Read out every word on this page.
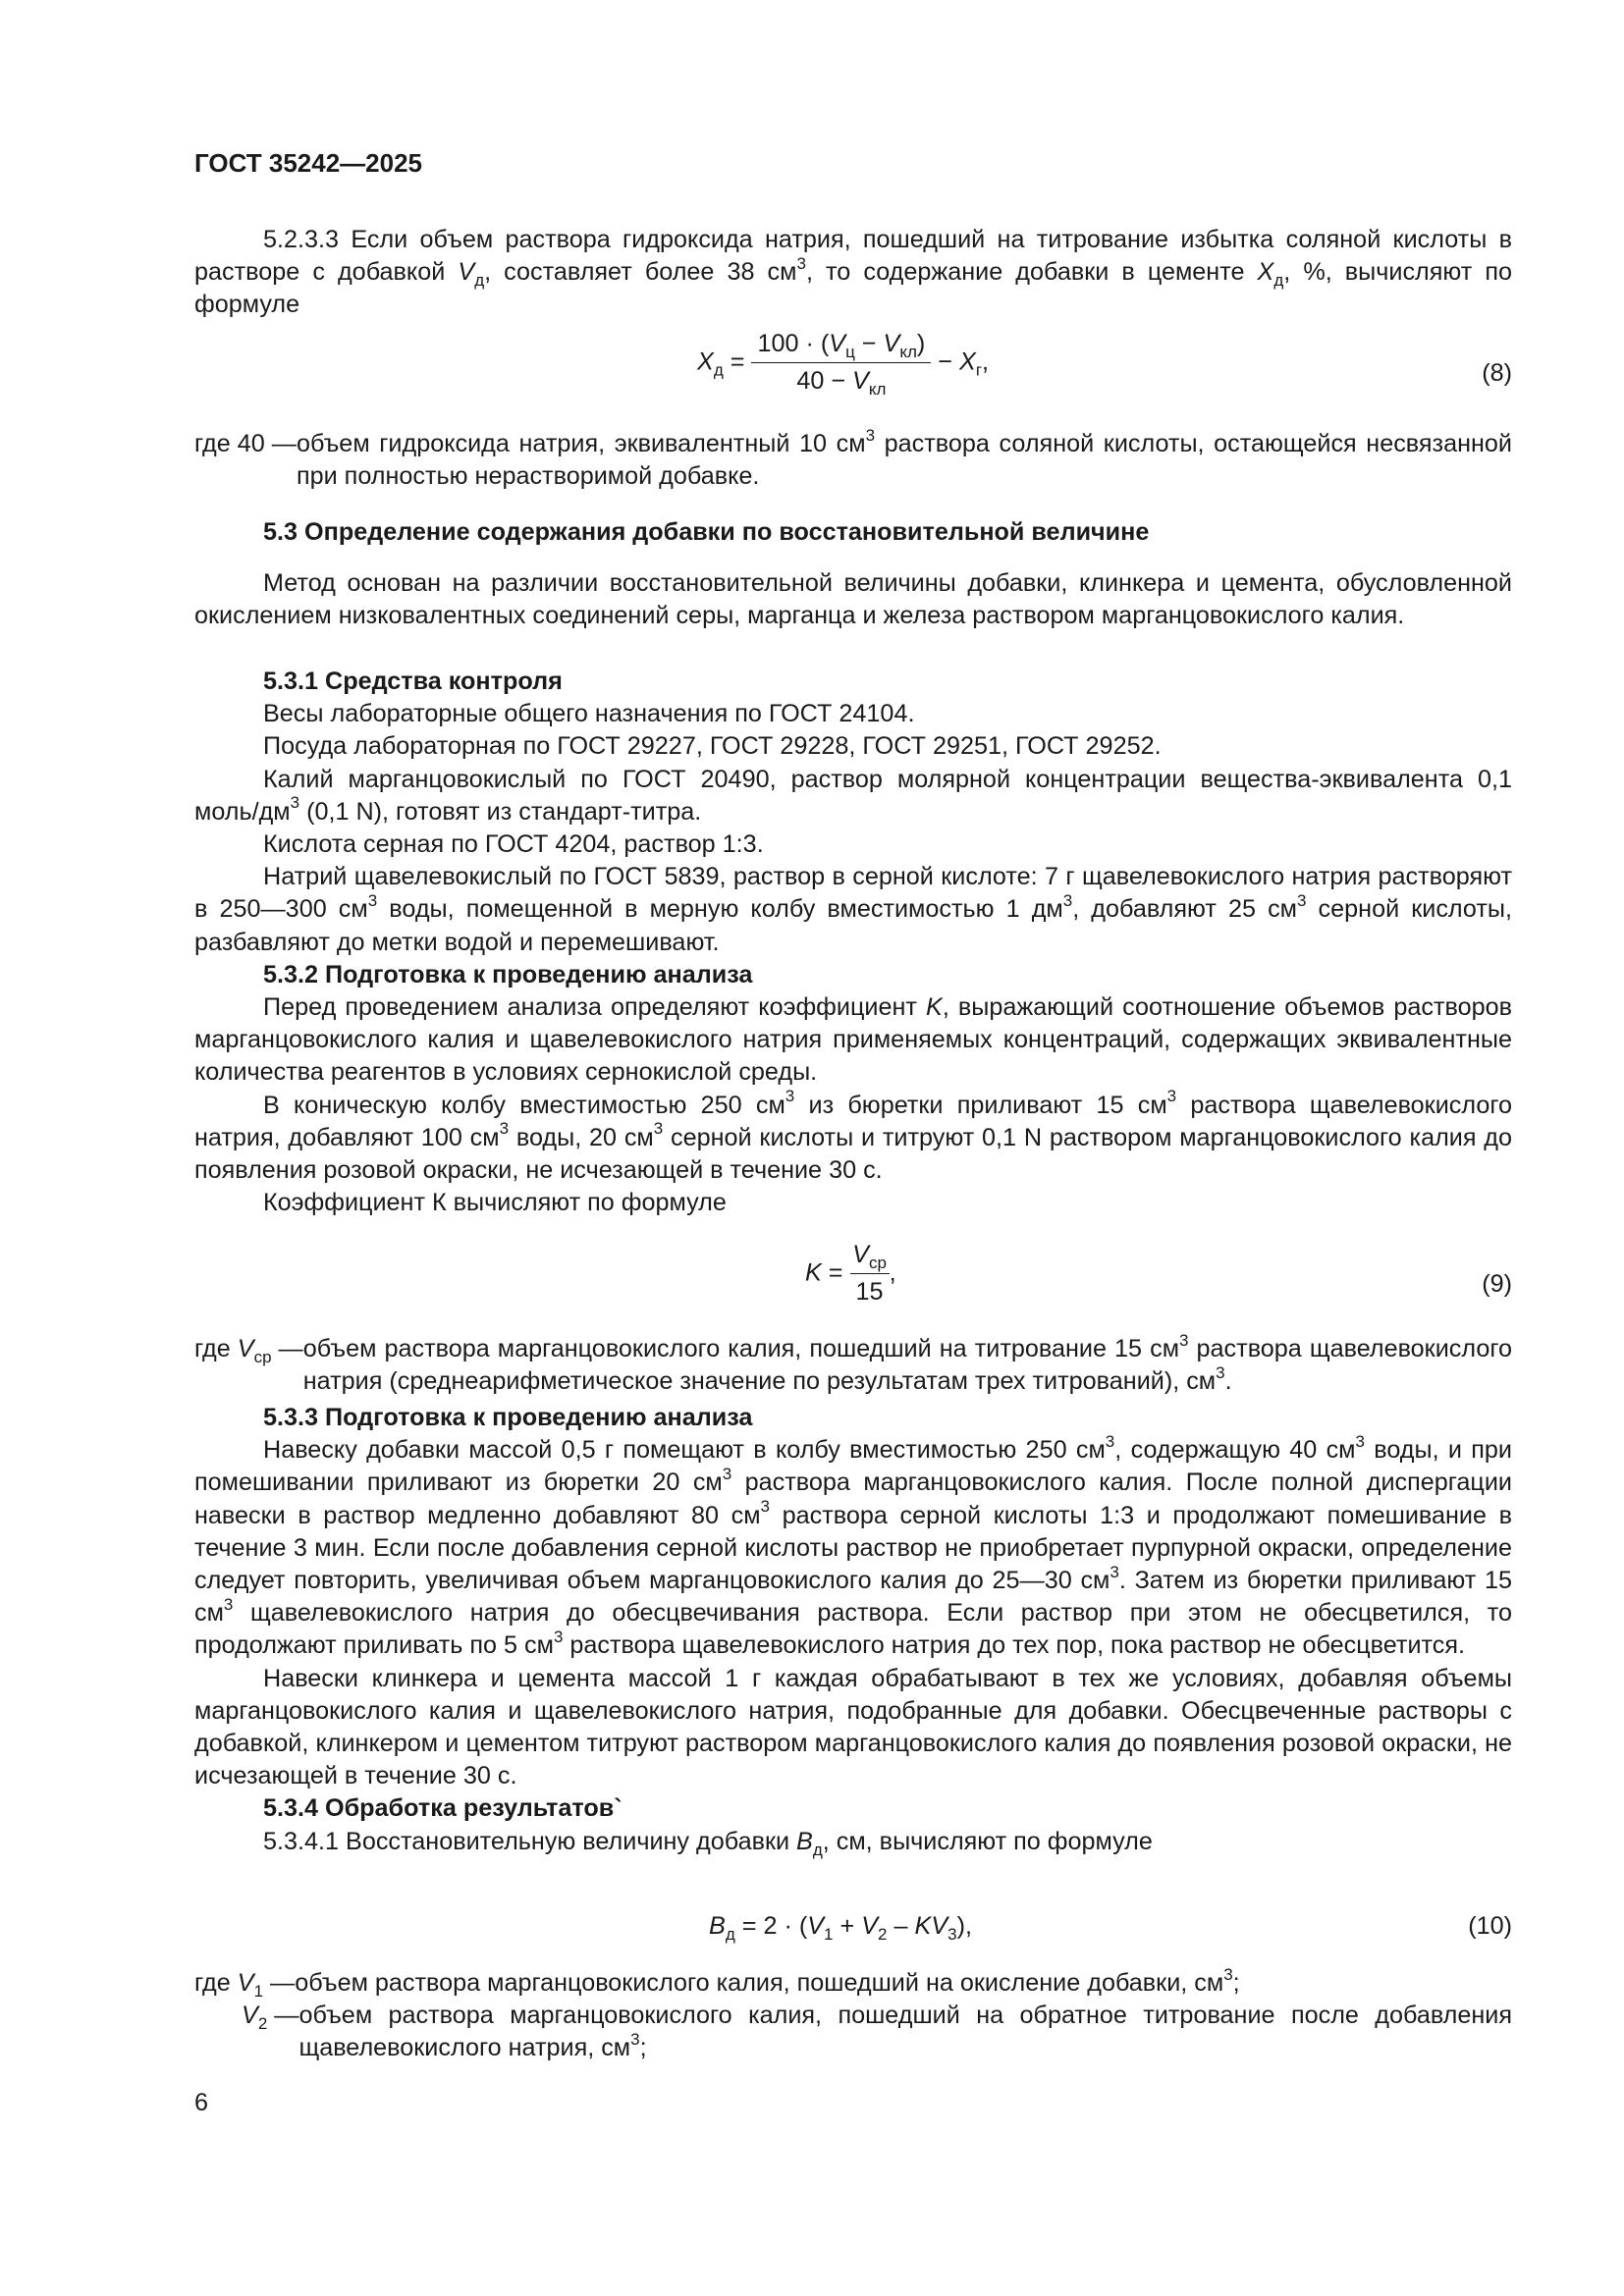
ГОСТ 35242—2025

5.2.3.3 Если объем раствора гидроксида натрия, пошедший на титрование избытка соляной кислоты в растворе с добавкой $V_д$, составляет более 38 $см^3$, то содержание добавки в цементе $X_д$, %, вычисляют по формуле

$X_д = \frac{100 \cdot (V_ц - V_{кл})}{40 - V_{кл}} - X_г$,	(8)
где 40 — объем гидроксида натрия, эквивалентный 10 $см^3$ раствора соляной кислоты, остающейся несвязанной при полностью нерастворимой добавке.

5.3 Определение содержания добавки по восстановительной величине

Метод основан на различии восстановительной величины добавки, клинкера и цемента, обусловленной окислением низковалентных соединений серы, марганца и железа раствором марганцовокислого калия.

5.3.1 Средства контроля

Весы лабораторные общего назначения по ГОСТ 24104.

Посуда лабораторная по ГОСТ 29227, ГОСТ 29228, ГОСТ 29251, ГОСТ 29252.

Калий марганцовокислый по ГОСТ 20490, раствор молярной концентрации вещества-эквивалента 0,1 моль/$дм^3$ (0,1 N), готовят из стандарт-титра.

Кислота серная по ГОСТ 4204, раствор 1:3.

Натрий щавелевокислый по ГОСТ 5839, раствор в серной кислоте: 7 г щавелевокислого натрия растворяют в 250—300 $см^3$ воды, помещенной в мерную колбу вместимостью 1 $дм^3$, добавляют 25 $см^3$ серной кислоты, разбавляют до метки водой и перемешивают.

5.3.2 Подготовка к проведению анализа

Перед проведением анализа определяют коэффициент K, выражающий соотношение объемов растворов марганцовокислого калия и щавелевокислого натрия применяемых концентраций, содержащих эквивалентные количества реагентов в условиях сернокислой среды.

В коническую колбу вместимостью 250 $см^3$ из бюретки приливают 15 $см^3$ раствора щавелевокислого натрия, добавляют 100 $см^3$ воды, 20 $см^3$ серной кислоты и титруют 0,1 N раствором марганцовокислого калия до появления розовой окраски, не исчезающей в течение 30 с.

Коэффициент К вычисляют по формуле

$K = \frac{V_{ср}}{15}$ ,	(9)
где $V_{ср}$ — объем раствора марганцовокислого калия, пошедший на титрование 15 $см^3$ раствора щавелевокислого натрия (среднеарифметическое значение по результатам трех титрований), $см^3$.

5.3.3 Подготовка к проведению анализа

Навеску добавки массой 0,5 г помещают в колбу вместимостью 250 $см^3$, содержащую 40 $см^3$ воды, и при помешивании приливают из бюретки 20 $см^3$ раствора марганцовокислого калия. После полной диспергации навески в раствор медленно добавляют 80 $см^3$ раствора серной кислоты 1:3 и продолжают помешивание в течение 3 мин. Если после добавления серной кислоты раствор не приобретает пурпурной окраски, определение следует повторить, увеличивая объем марганцовокислого калия до 25—30 $см^3$. Затем из бюретки приливают 15 $см^3$ щавелевокислого натрия до обесцвечивания раствора. Если раствор при этом не обесцветился, то продолжают приливать по 5 $см^3$ раствора щавелевокислого натрия до тех пор, пока раствор не обесцветится.

Навески клинкера и цемента массой 1 г каждая обрабатывают в тех же условиях, добавляя объемы марганцовокислого калия и щавелевокислого натрия, подобранные для добавки. Обесцвеченные растворы с добавкой, клинкером и цементом титруют раствором марганцовокислого калия до появления розовой окраски, не исчезающей в течение 30 с.

5.3.4 Обработка результатов`

5.3.4.1 Восстановительную величину добавки $B_д$, см, вычисляют по формуле

$B_д = 2 \cdot (V_1 + V_2 - KV_3)$,	(10)
где $V_1$ — объем раствора марганцовокислого калия, пошедший на окисление добавки, $см^3$;
$V_2$ — объем раствора марганцовокислого калия, пошедший на обратное титрование после добавления щавелевокислого натрия, $см^3$;
6
